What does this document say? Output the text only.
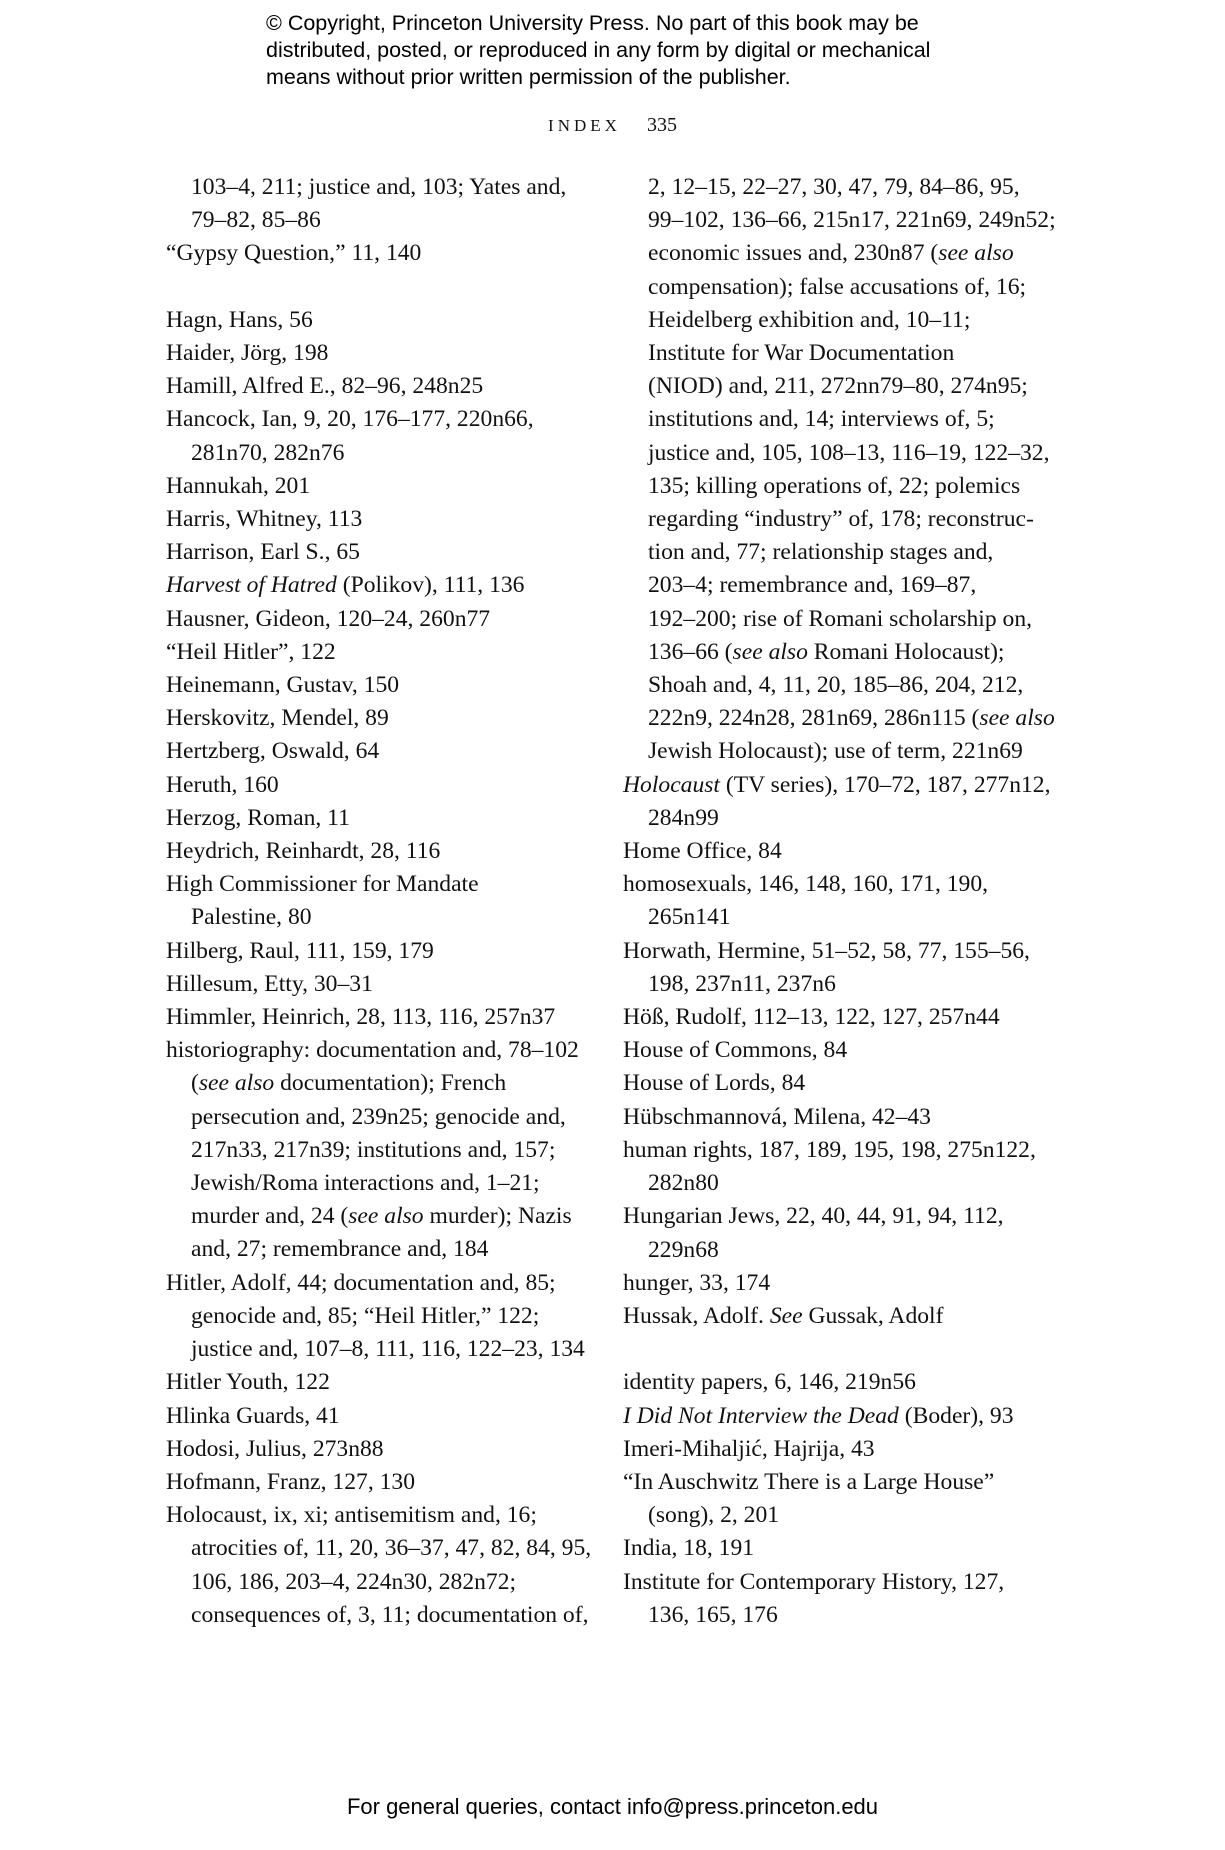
© Copyright, Princeton University Press. No part of this book may be
distributed, posted, or reproduced in any form by digital or mechanical
means without prior written permission of the publisher.
INDEX 335
103–4, 211; justice and, 103; Yates and,
79–82, 85–86
“Gypsy Question,” 11, 140
Hagn, Hans, 56
Haider, Jörg, 198
Hamill, Alfred E., 82–96, 248n25
Hancock, Ian, 9, 20, 176–177, 220n66,
281n70, 282n76
Hannukah, 201
Harris, Whitney, 113
Harrison, Earl S., 65
Harvest of Hatred (Polikov), 111, 136
Hausner, Gideon, 120–24, 260n77
“Heil Hitler”, 122
Heinemann, Gustav, 150
Herskovitz, Mendel, 89
Hertzberg, Oswald, 64
Heruth, 160
Herzog, Roman, 11
Heydrich, Reinhardt, 28, 116
High Commissioner for Mandate
Palestine, 80
Hilberg, Raul, 111, 159, 179
Hillesum, Etty, 30–31
Himmler, Heinrich, 28, 113, 116, 257n37
historiography: documentation and, 78–102
(see also documentation); French
persecution and, 239n25; genocide and,
217n33, 217n39; institutions and, 157;
Jewish/Roma interactions and, 1–21;
murder and, 24 (see also murder); Nazis
and, 27; remembrance and, 184
Hitler, Adolf, 44; documentation and, 85;
genocide and, 85; “Heil Hitler,” 122;
justice and, 107–8, 111, 116, 122–23, 134
Hitler Youth, 122
Hlinka Guards, 41
Hodosi, Julius, 273n88
Hofmann, Franz, 127, 130
Holocaust, ix, xi; antisemitism and, 16;
atrocities of, 11, 20, 36–37, 47, 82, 84, 95,
106, 186, 203–4, 224n30, 282n72;
consequences of, 3, 11; documentation of,
2, 12–15, 22–27, 30, 47, 79, 84–86, 95,
99–102, 136–66, 215n17, 221n69, 249n52;
economic issues and, 230n87 (see also
compensation); false accusations of, 16;
Heidelberg exhibition and, 10–11;
Institute for War Documentation
(NIOD) and, 211, 272nn79–80, 274n95;
institutions and, 14; interviews of, 5;
justice and, 105, 108–13, 116–19, 122–32,
135; killing operations of, 22; polemics
regarding “industry” of, 178; reconstruc-
tion and, 77; relationship stages and,
203–4; remembrance and, 169–87,
192–200; rise of Romani scholarship on,
136–66 (see also Romani Holocaust);
Shoah and, 4, 11, 20, 185–86, 204, 212,
222n9, 224n28, 281n69, 286n115 (see also
Jewish Holocaust); use of term, 221n69
Holocaust (TV series), 170–72, 187, 277n12,
284n99
Home Office, 84
homosexuals, 146, 148, 160, 171, 190,
265n141
Horwath, Hermine, 51–52, 58, 77, 155–56,
198, 237n11, 237n6
Höß, Rudolf, 112–13, 122, 127, 257n44
House of Commons, 84
House of Lords, 84
Hübschmannová, Milena, 42–43
human rights, 187, 189, 195, 198, 275n122,
282n80
Hungarian Jews, 22, 40, 44, 91, 94, 112,
229n68
hunger, 33, 174
Hussak, Adolf. See Gussak, Adolf
identity papers, 6, 146, 219n56
I Did Not Interview the Dead (Boder), 93
Imeri-Mihaljić, Hajrija, 43
“In Auschwitz There is a Large House”
(song), 2, 201
India, 18, 191
Institute for Contemporary History, 127,
136, 165, 176
For general queries, contact info@press.princeton.edu
